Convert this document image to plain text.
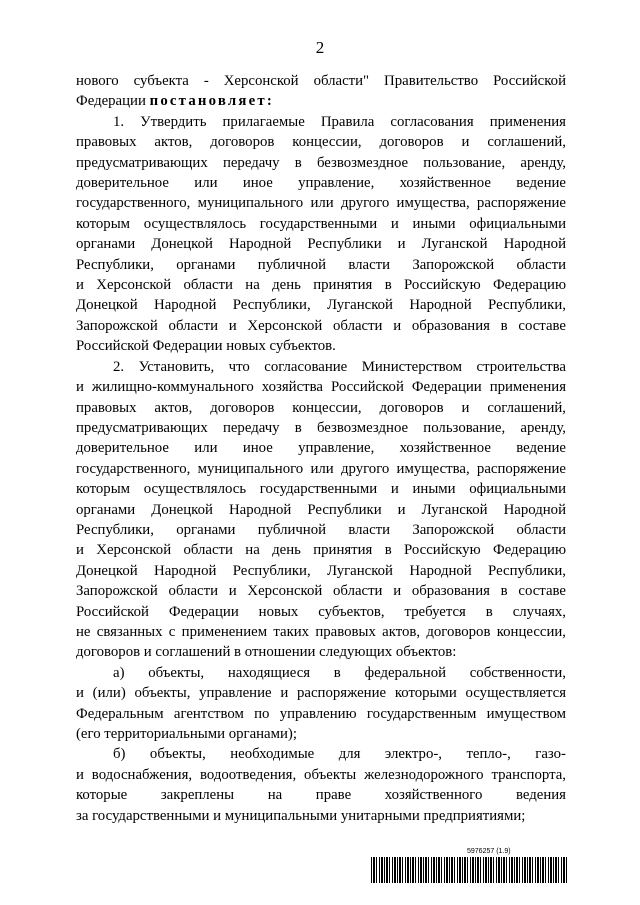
2
нового субъекта - Херсонской области" Правительство Российской
Федерации постановляет:
1. Утвердить прилагаемые Правила согласования применения
правовых актов, договоров концессии, договоров и соглашений,
предусматривающих передачу в безвозмездное пользование, аренду,
доверительное или иное управление, хозяйственное ведение
государственного, муниципального или другого имущества, распоряжение
которым осуществлялось государственными и иными официальными
органами Донецкой Народной Республики и Луганской Народной
Республики, органами публичной власти Запорожской области
и Херсонской области на день принятия в Российскую Федерацию
Донецкой Народной Республики, Луганской Народной Республики,
Запорожской области и Херсонской области и образования в составе
Российской Федерации новых субъектов.
2. Установить, что согласование Министерством строительства
и жилищно-коммунального хозяйства Российской Федерации применения
правовых актов, договоров концессии, договоров и соглашений,
предусматривающих передачу в безвозмездное пользование, аренду,
доверительное или иное управление, хозяйственное ведение
государственного, муниципального или другого имущества, распоряжение
которым осуществлялось государственными и иными официальными
органами Донецкой Народной Республики и Луганской Народной
Республики, органами публичной власти Запорожской области
и Херсонской области на день принятия в Российскую Федерацию
Донецкой Народной Республики, Луганской Народной Республики,
Запорожской области и Херсонской области и образования в составе
Российской Федерации новых субъектов, требуется в случаях,
не связанных с применением таких правовых актов, договоров концессии,
договоров и соглашений в отношении следующих объектов:
а) объекты, находящиеся в федеральной собственности,
и (или) объекты, управление и распоряжение которыми осуществляется
Федеральным агентством по управлению государственным имуществом
(его территориальными органами);
б) объекты, необходимые для электро-, тепло-, газо-
и водоснабжения, водоотведения, объекты железнодорожного транспорта,
которые закреплены на праве хозяйственного ведения
за государственными и муниципальными унитарными предприятиями;
5976257 (1.9)
